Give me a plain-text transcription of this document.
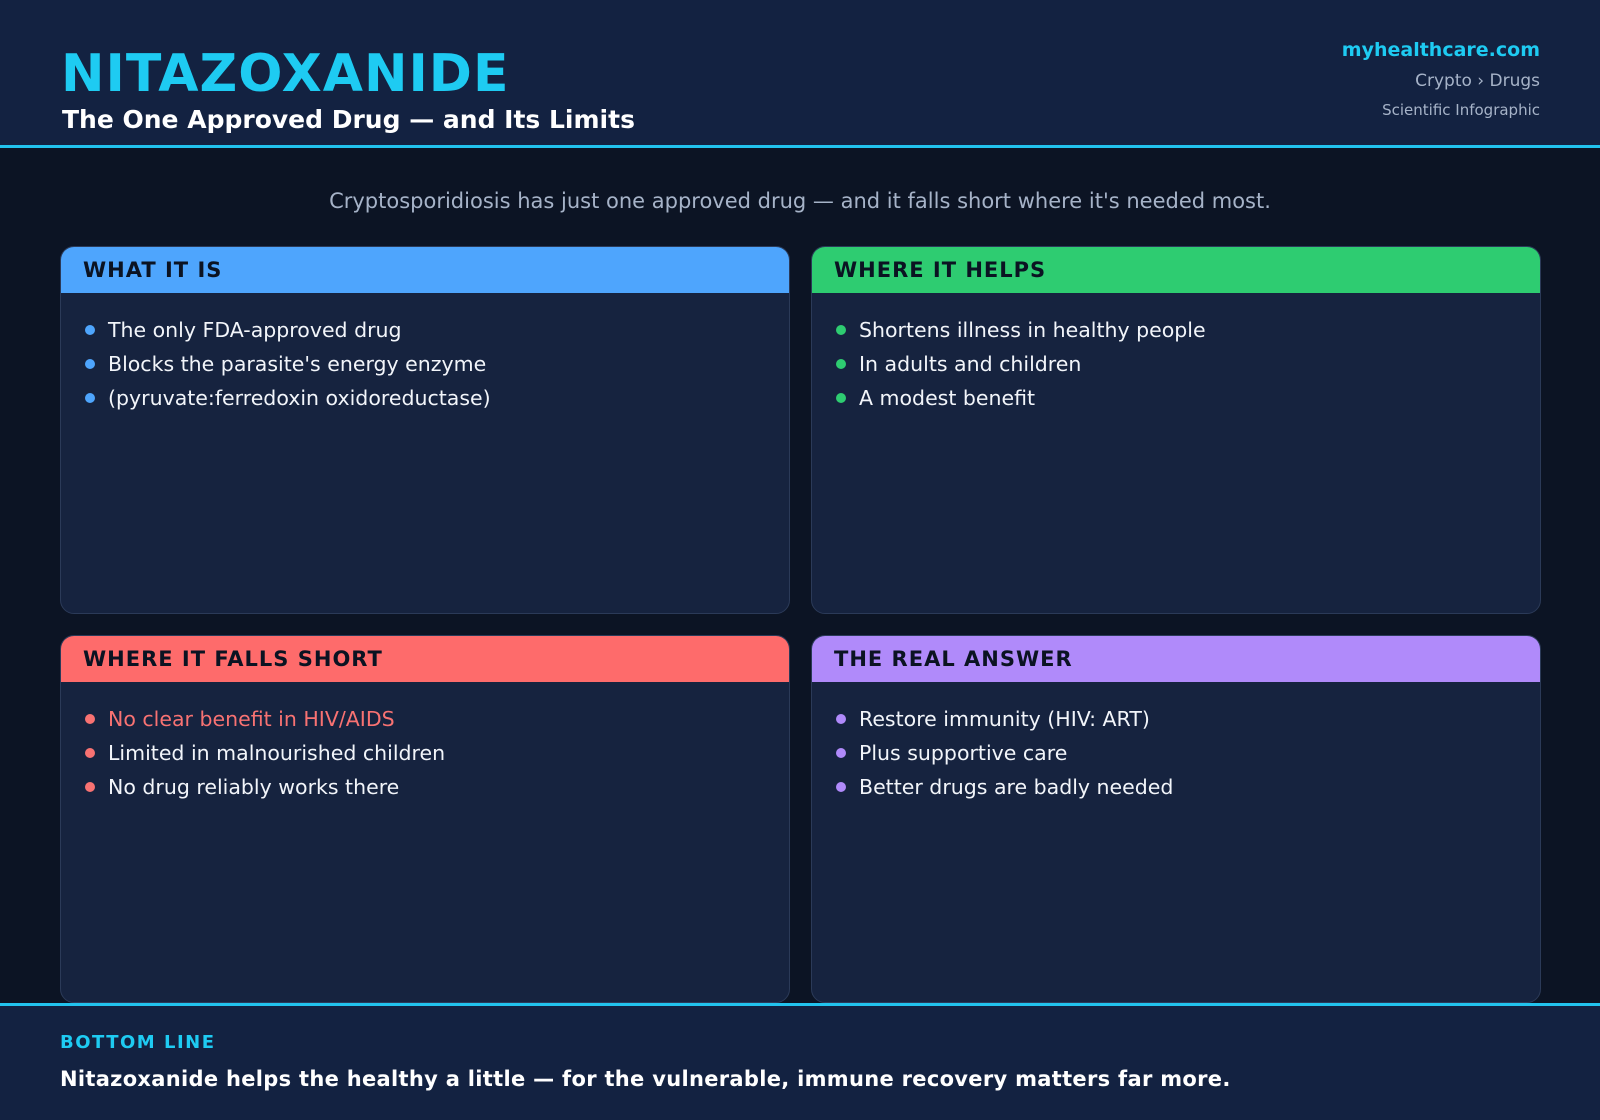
NITAZOXANIDE
The One Approved Drug — and Its Limits
myhealthcare.com
Crypto › Drugs
Scientific Infographic
Cryptosporidiosis has just one approved drug — and it falls short where it's needed most.
WHAT IT IS
The only FDA-approved drug
Blocks the parasite's energy enzyme
(pyruvate:ferredoxin oxidoreductase)
WHERE IT HELPS
Shortens illness in healthy people
In adults and children
A modest benefit
WHERE IT FALLS SHORT
No clear benefit in HIV/AIDS
Limited in malnourished children
No drug reliably works there
THE REAL ANSWER
Restore immunity (HIV: ART)
Plus supportive care
Better drugs are badly needed
BOTTOM LINE
Nitazoxanide helps the healthy a little — for the vulnerable, immune recovery matters far more.
